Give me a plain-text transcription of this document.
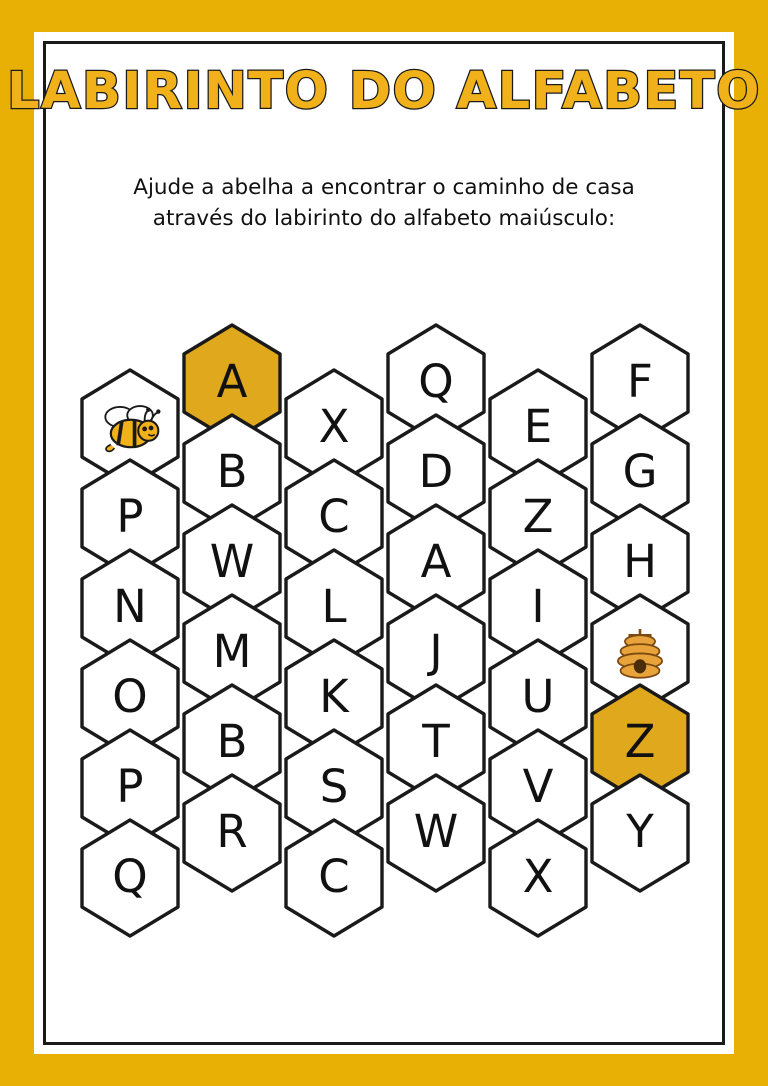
LABIRINTO DO ALFABETO
Ajude a abelha a encontrar o caminho de casa
através do labirinto do alfabeto maiúsculo:
A	Q	F
X	E
B	D	G
P	C	Z
W	A	H
N	L	I
M	J
O	K	U
B	T	Z
P	S	V
R	W	Y
Q	C	X
